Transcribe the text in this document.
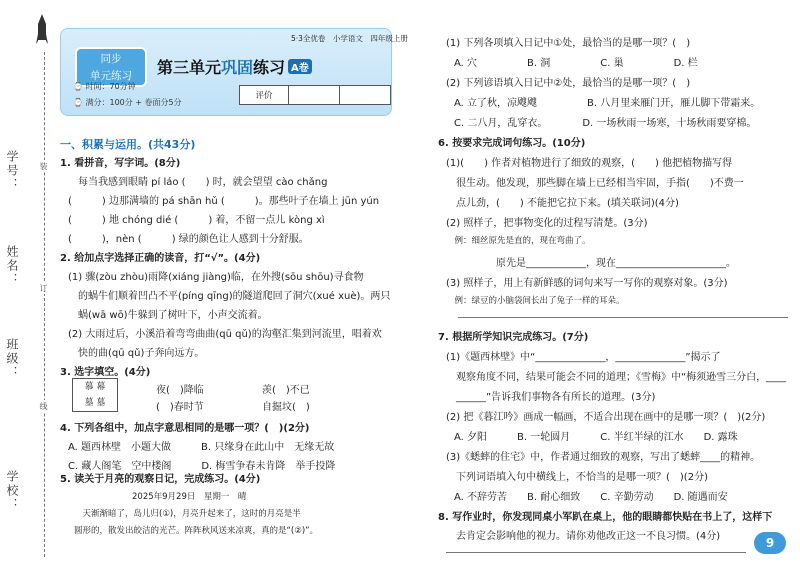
学号：
姓名：
班级：
学校：
装
订
线
同步
单元练习
5·3全优卷　小学语文　四年级上册
第三单元巩固练习 A卷
⌚ 时间：70分钟
⌚ 满分：100分 + 卷面分5分
评价		
一、积累与运用。(共43分)
1. 看拼音，写字词。(8分)
　每当我感到眼睛 pí láo (　　) 时，就会望望 cào chǎng
(　　　) 边那满墙的 pá shān hǔ (　　　)。那些叶子在墙上 jūn yún
(　　　) 地 chóng dié (　　　) 着，不留一点儿 kòng xì
(　　　)，nèn (　　　) 绿的颜色让人感到十分舒服。
2. 给加点字选择正确的读音，打“√”。(4分)
(1) 骤(zòu zhòu)雨降(xiáng jiàng)临，在外搜(sōu shōu)寻食物
　的蜗牛们顺着凹凸不平(píng qīng)的隧道爬回了洞穴(xué xuè)。两只
　蜗(wā wō)牛躲到了树叶下，小声交流着。
(2) 大雨过后，小溪沿着弯弯曲曲(qū qǔ)的沟壑汇集到河流里，唱着欢
　快的曲(qū qǔ)子奔向远方。
3. 选字填空。(4分)
慕 幕
墓 墓
夜(　)降临	羡(　)不已
(　)春时节	自掘坟(　)
4. 下列各组中，加点字意思相同的是哪一项？(　)(2分)
A. 题西林壁　小题大做　　　B. 只缘身在此山中　无缘无故
C. 藏人阁笔　空中楼阁　　　D. 梅雪争春未肯降　举手投降
5. 读关于月亮的观察日记，完成练习。(4分)
2025年9月29日　星期一　晴
　天渐渐暗了，岛儿归(①)，月亮升起来了，这时的月亮是半
圆形的，散发出皎洁的光芒。阵阵秋风送来凉爽，真的是“(②)”。
(1) 下列各项填入日记中①处，最恰当的是哪一项？(　)
A. 穴　　　　　B. 洞　　　　　C. 巢　　　　　D. 栏
(2) 下列谚语填入日记中②处，最恰当的是哪一项？(　)
A. 立了秋，凉飕飕　　　　　B. 八月里来雁门开，雁儿脚下带霜来。
C. 二八月，乱穿衣。　　　　D. 一场秋雨一场寒，十场秋雨要穿棉。
6. 按要求完成词句练习。(10分)
(1)(　　) 作者对植物进行了细致的观察，(　　) 他把植物描写得
　很生动。他发现，那些脚在墙上已经相当牢固，手指(　　)不费一
　点儿劲，(　　) 不能把它拉下来。(填关联词)(4分)
(2) 照样子，把事物变化的过程写清楚。(3分)
　例：细丝原先是直的，现在弯曲了。
　　　　　原先是____________，现在______________________。
(3) 照样子，用上有新鲜感的词句来写一写你的观察对象。(3分)
　例：绿豆的小脑袋间长出了兔子一样的耳朵。
7. 根据所学知识完成练习。(7分)
(1)《题西林壁》中“______________，______________”揭示了
　观察角度不同，结果可能会不同的道理；《雪梅》中“梅须逊雪三分白，____
　______”告诉我们事物各有所长的道理。(3分)
(2) 把《暮江吟》画成一幅画，不适合出现在画中的是哪一项？(　)(2分)
A. 夕阳　　　B. 一轮圆月　　　C. 半红半绿的江水　　D. 露珠
(3)《蟋蟀的住宅》中，作者通过细致的观察，写出了蟋蟀____的精神。
　下列词语填入句中横线上，不恰当的是哪一项？(　)(2分)
A. 不辞劳苦　　B. 耐心细致　　C. 辛勤劳动　　D. 随遇而安
8. 写作业时，你发现同桌小军趴在桌上，他的眼睛都快贴在书上了，这样下
　去肯定会影响他的视力。请你劝他改正这一不良习惯。(4分)	9
